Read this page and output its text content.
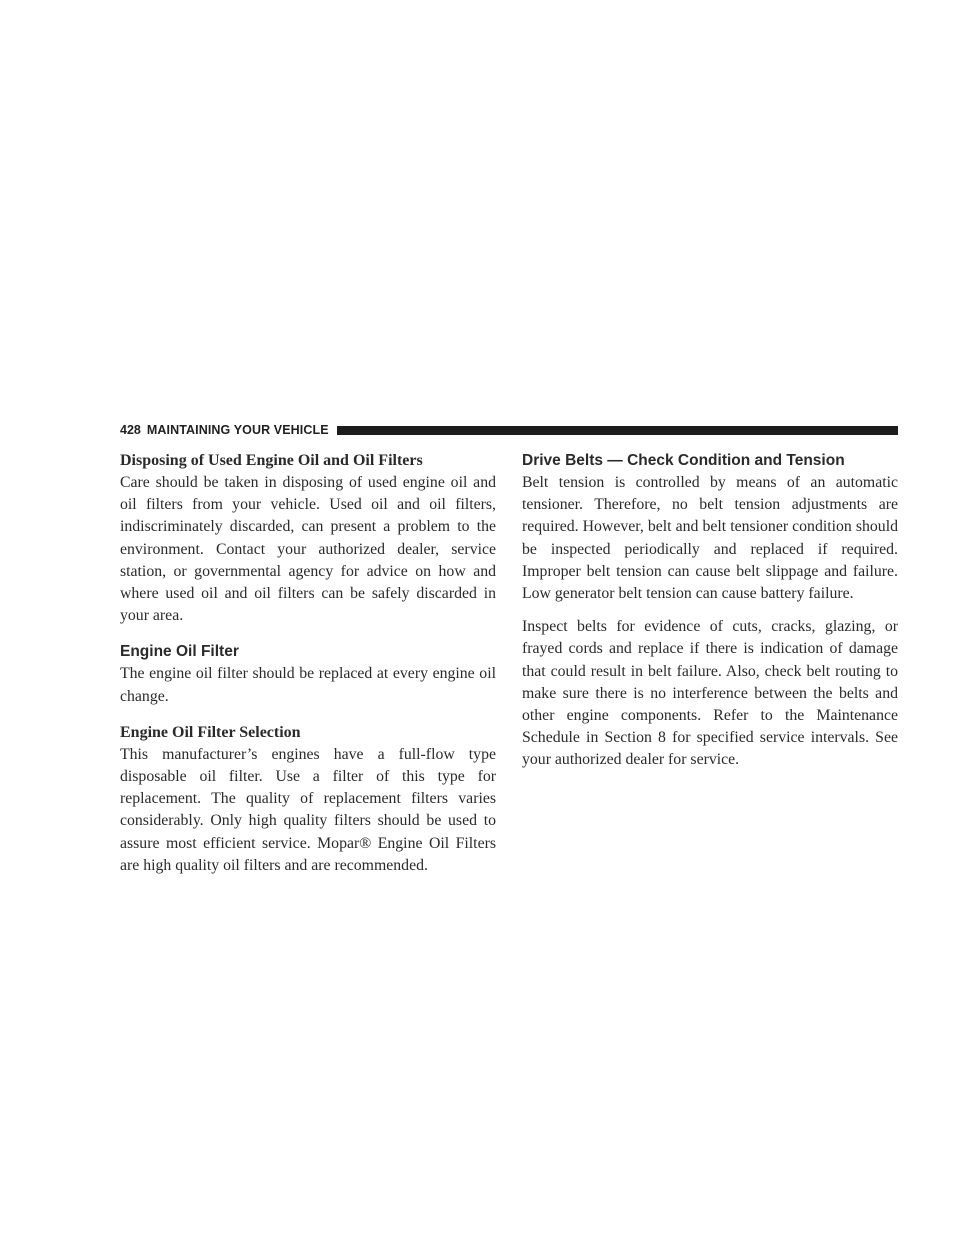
428 MAINTAINING YOUR VEHICLE
Disposing of Used Engine Oil and Oil Filters

Care should be taken in disposing of used engine oil and oil filters from your vehicle. Used oil and oil filters, indiscriminately discarded, can present a problem to the environment. Contact your authorized dealer, service station, or governmental agency for advice on how and where used oil and oil filters can be safely discarded in your area.

Engine Oil Filter

The engine oil filter should be replaced at every engine oil change.

Engine Oil Filter Selection

This manufacturer’s engines have a full-flow type disposable oil filter. Use a filter of this type for replacement. The quality of replacement filters varies considerably. Only high quality filters should be used to assure most efficient service. Mopar® Engine Oil Filters are high quality oil filters and are recommended.

Drive Belts — Check Condition and Tension

Belt tension is controlled by means of an automatic tensioner. Therefore, no belt tension adjustments are required. However, belt and belt tensioner condition should be inspected periodically and replaced if required. Improper belt tension can cause belt slippage and failure. Low generator belt tension can cause battery failure.

Inspect belts for evidence of cuts, cracks, glazing, or frayed cords and replace if there is indication of damage that could result in belt failure. Also, check belt routing to make sure there is no interference between the belts and other engine components. Refer to the Maintenance Schedule in Section 8 for specified service intervals. See your authorized dealer for service.
